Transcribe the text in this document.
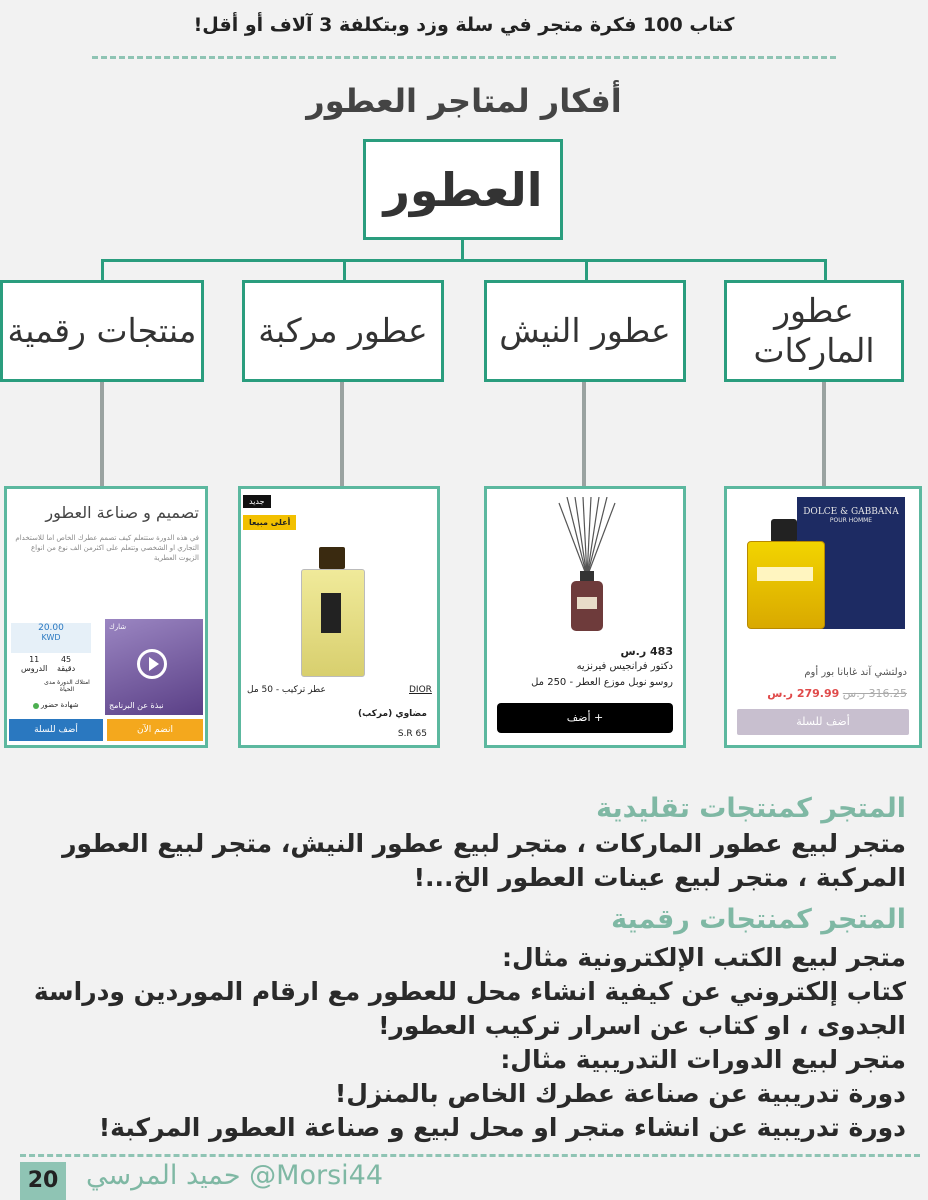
كتاب 100 فكرة متجر في سلة وزد وبتكلفة 3 آلاف أو أقل!
أفكار لمتاجر العطور
العطور
عطور الماركات
عطور النيش
عطور مركبة
منتجات رقمية
DOLCE & GABBANA
POUR HOMME
دولتشي آند غابانا بور أوم
316.25 ر.س 279.99 ر.س
أضف للسلة
483 ر.س
دكتور فرانجيس فيرنزيه
روسو نوبل موزع العطر - 250 مل
أضف +
جديد
أعلى مبيعا
DIOR
عطر تركيب - 50 مل
مضاوي (مركب)
S.R 65
تصميم و صناعة العطور
في هذه الدورة ستتعلم كيف تصمم عطرك الخاص اما للاستخدام التجاري او الشخصي وتتعلم على اكثرمن الف نوع من انواع الزيوت العطرية
شارك
نبذة عن البرنامج
20.00
KWD
45
دقيقة
11
الدروس
امتلاك الدورة مدى الحياة
شهادة حضور
انضم الآن
أضف للسلة
المتجر كمنتجات تقليدية
متجر لبيع عطور الماركات ، متجر لبيع عطور النيش، متجر لبيع العطور
المركبة ، متجر لبيع عينات العطور الخ...!
المتجر كمنتجات رقمية
متجر لبيع الكتب الإلكترونية مثال:
كتاب إلكتروني عن كيفية انشاء محل للعطور مع ارقام الموردين ودراسة
الجدوى ، او كتاب عن اسرار تركيب العطور!
متجر لبيع الدورات التدريبية مثال:
دورة تدريبية عن صناعة عطرك الخاص بالمنزل!
دورة تدريبية عن انشاء متجر او محل لبيع و صناعة العطور المركبة!
20 حميد المرسي @Morsi44
